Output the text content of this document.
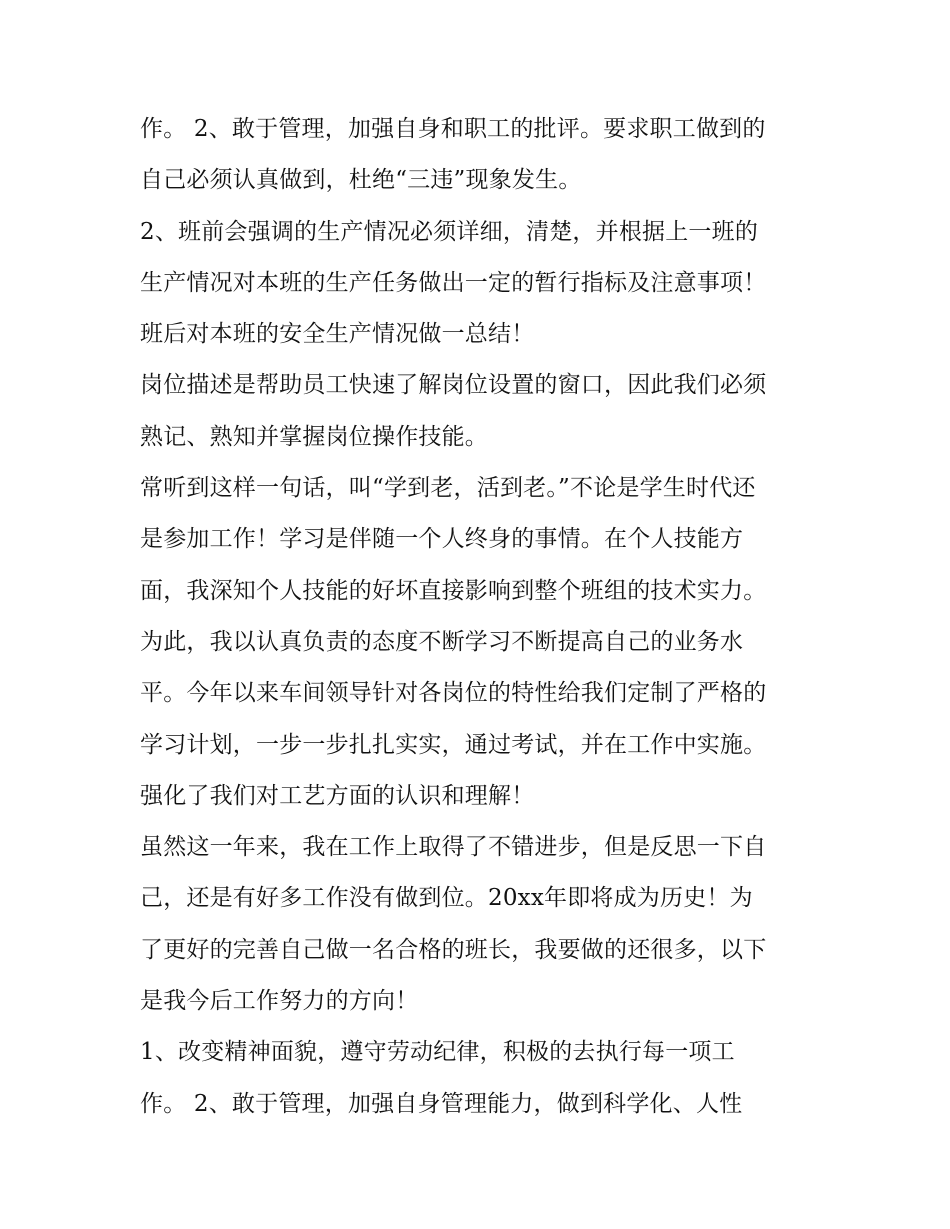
作。 2、敢于管理，加强自身和职工的批评。要求职工做到的
自己必须认真做到，杜绝“三违”现象发生。
2、班前会强调的生产情况必须详细，清楚，并根据上一班的
生产情况对本班的生产任务做出一定的暂行指标及注意事项！
班后对本班的安全生产情况做一总结！
岗位描述是帮助员工快速了解岗位设置的窗口，因此我们必须
熟记、熟知并掌握岗位操作技能。
常听到这样一句话，叫“学到老，活到老。”不论是学生时代还
是参加工作！学习是伴随一个人终身的事情。在个人技能方
面，我深知个人技能的好坏直接影响到整个班组的技术实力。
为此，我以认真负责的态度不断学习不断提高自己的业务水
平。今年以来车间领导针对各岗位的特性给我们定制了严格的
学习计划，一步一步扎扎实实，通过考试，并在工作中实施。
强化了我们对工艺方面的认识和理解！
虽然这一年来，我在工作上取得了不错进步，但是反思一下自
己，还是有好多工作没有做到位。20xx年即将成为历史！为
了更好的完善自己做一名合格的班长，我要做的还很多，以下
是我今后工作努力的方向！
1、改变精神面貌，遵守劳动纪律，积极的去执行每一项工
作。 2、敢于管理，加强自身管理能力，做到科学化、人性
